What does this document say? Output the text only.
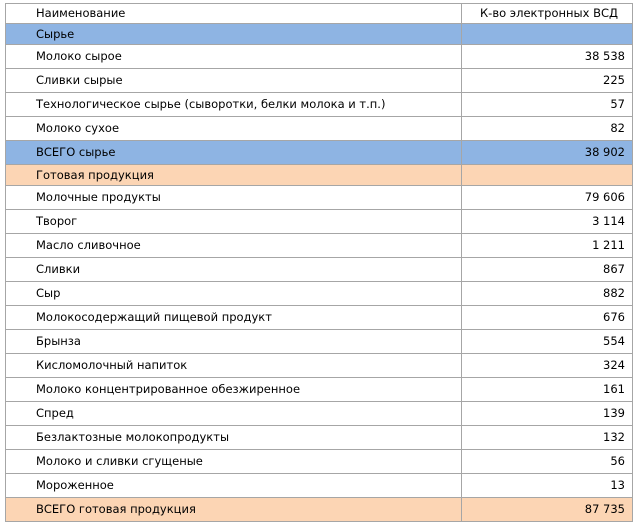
Наименование	К-во электронных ВСД
Сырье	
Молоко сырое	38 538
Сливки сырые	225
Технологическое сырье (сыворотки, белки молока и т.п.)	57
Молоко сухое	82
ВСЕГО сырье	38 902
Готовая продукция	
Молочные продукты	79 606
Творог	3 114
Масло сливочное	1 211
Сливки	867
Сыр	882
Молокосодержащий пищевой продукт	676
Брынза	554
Кисломолочный напиток	324
Молоко концентрированное обезжиренное	161
Спред	139
Безлактозные молокопродукты	132
Молоко и сливки сгущеные	56
Мороженное	13
ВСЕГО готовая продукция	87 735
